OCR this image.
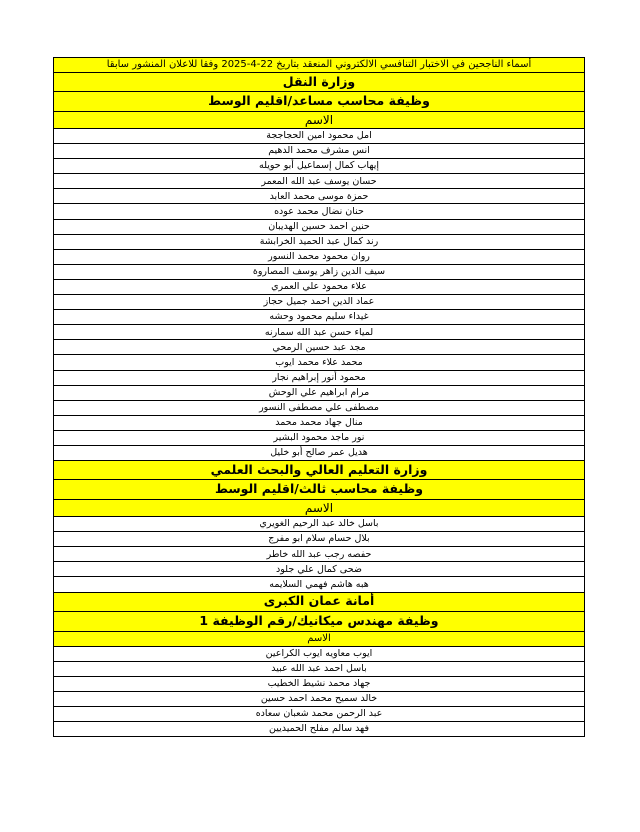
أسماء الناجحين في الاختبار التنافسي الالكتروني المنعقد بتاريخ 22-4-2025 وفقا للاعلان المنشور سابقا
وزارة النقل
وظيفة محاسب مساعد/اقليم الوسط
الاسم
امل محمود امين الحجاججة
انس مشرف محمد الدهيم
إيهاب كمال إسماعيل أبو حويله
حسان يوسف عبد الله المعمر
حمزة موسى محمد العابد
حنان نضال محمد عوده
حنين احمد حسين الهديبان
رند كمال عبد الحميد الخرابشة
روان محمود محمد النسور
سيف الدين زاهر يوسف المصاروة
علاء محمود علي العمري
عماد الدين احمد جميل حجاز
غيداء سليم محمود وحشه
لمياء حسن عبد الله سمارنه
مجد عبد حسين الرمحي
محمد علاء محمد ايوب
محمود أنور إبراهيم نجار
مرام ابراهيم علي الوحش
مصطفى علي مصطفى النسور
منال جهاد محمد محمد
نور ماجد محمود البشير
هديل عمر صالح أبو خليل
وزارة التعليم العالي والبحث العلمي
وظيفة محاسب ثالث/اقليم الوسط
الاسم
باسل خالد عبد الرحيم الغويري
بلال حسام سلام ابو مفرج
حفصه رجب عبد الله خاطر
ضحى كمال علي جلود
هبه هاشم فهمي السلايمه
أمانة عمان الكبرى
وظيفة مهندس ميكانيك/رقم الوظيفة 1
الاسم
ايوب معاويه ايوب الكراعين
باسل احمد عبد الله عبيد
جهاد محمد نشيط الخطيب
خالد سميح محمد احمد حسين
عبد الرحمن محمد شعبان سعاده
فهد سالم مفلح الحميديين
